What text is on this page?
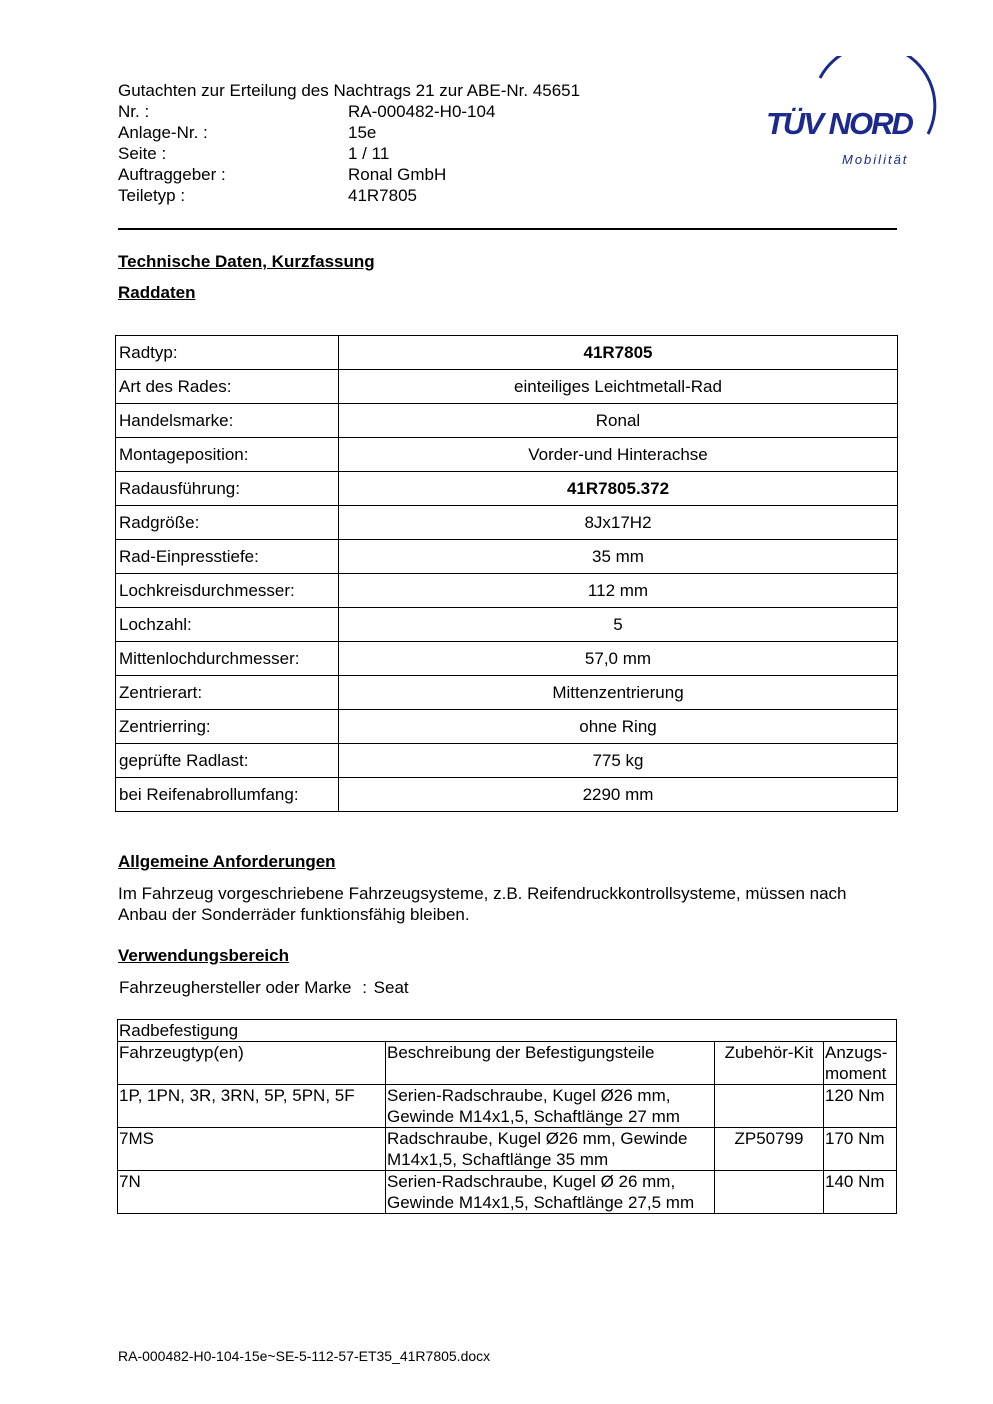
Gutachten zur Erteilung des Nachtrags 21 zur ABE-Nr. 45651
Nr. :	RA-000482-H0-104
Anlage-Nr. :	15e
Seite :	1 / 11
Auftraggeber :	Ronal GmbH
Teiletyp :	41R7805
TÜV NORD
Mobilität
Technische Daten, Kurzfassung
Raddaten
Radtyp:	41R7805
Art des Rades:	einteiliges Leichtmetall-Rad
Handelsmarke:	Ronal
Montageposition:	Vorder-und Hinterachse
Radausführung:	41R7805.372
Radgröße:	8Jx17H2
Rad-Einpresstiefe:	35 mm
Lochkreisdurchmesser:	112 mm
Lochzahl:	5
Mittenlochdurchmesser:	57,0 mm
Zentrierart:	Mittenzentrierung
Zentrierring:	ohne Ring
geprüfte Radlast:	775 kg
bei Reifenabrollumfang:	2290 mm
Allgemeine Anforderungen
Im Fahrzeug vorgeschriebene Fahrzeugsysteme, z.B. Reifendruckkontrollsysteme, müssen nach Anbau der Sonderräder funktionsfähig bleiben.
Verwendungsbereich
Fahrzeughersteller oder Marke : Seat
Radbefestigung			
Fahrzeugtyp(en)	Beschreibung der Befestigungsteile	Zubehör-Kit	Anzugs-moment
1P, 1PN, 3R, 3RN, 5P, 5PN, 5F	Serien-Radschraube, Kugel Ø26 mm, Gewinde M14x1,5, Schaftlänge 27 mm		120 Nm
7MS	Radschraube, Kugel Ø26 mm, Gewinde M14x1,5, Schaftlänge 35 mm	ZP50799	170 Nm
7N	Serien-Radschraube, Kugel Ø 26 mm, Gewinde M14x1,5, Schaftlänge 27,5 mm		140 Nm
RA-000482-H0-104-15e~SE-5-112-57-ET35_41R7805.docx
